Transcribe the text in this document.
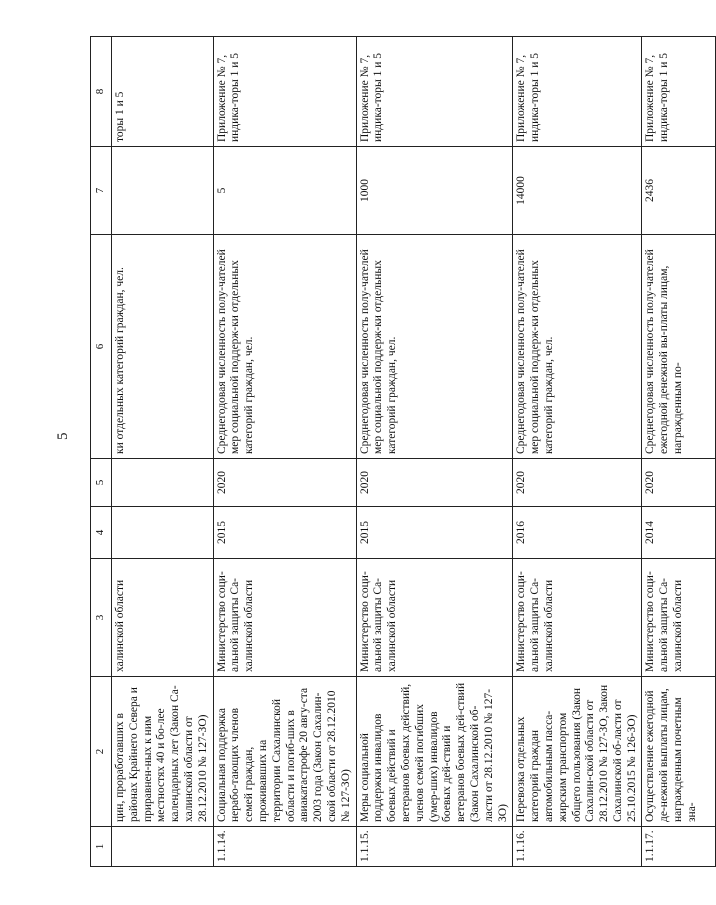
5
1	2	3	4	5	6	7	8
	цин, проработавших в районах Крайнего Севера и приравнен-ных к ним местностях 40 и бо-лее календарных лет (Закон Са-халинской области от 28.12.2010 № 127-ЗО)	халинской области			ки отдельных категорий граждан, чел.		торы 1 и 5
1.1.14.	Социальная поддержка нерабо-тающих членов семей граждан, проживавших на территории Сахалинской области и погиб-ших в авиакатастрофе 20 авгу-ста 2003 года (Закон Сахалин-ской области от 28.12.2010 № 127-ЗО)	Министерство соци-альной защиты Са-халинской области	2015	2020	Среднегодовая численность полу-чателей мер социальной поддерж-ки отдельных категорий граждан, чел.	5	Приложение № 7, индика-торы 1 и 5
1.1.15.	Меры социальной поддержки инвалидов боевых действий и ветеранов боевых действий, членов семей погибших (умер-ших) инвалидов боевых дей-ствий и ветеранов боевых дей-ствий (Закон Сахалинской об-ласти от 28.12.2010 № 127-ЗО)	Министерство соци-альной защиты Са-халинской области	2015	2020	Среднегодовая численность полу-чателей мер социальной поддерж-ки отдельных категорий граждан, чел.	1000	Приложение № 7, индика-торы 1 и 5
1.1.16.	Перевозка отдельных категорий граждан автомобильным пасса-жирским транспортом общего пользования (Закон Сахалин-ской области от 28.12.2010 № 127-ЗО, Закон Сахалинской об-ласти от 25.10.2015 № 126-ЗО)	Министерство соци-альной защиты Са-халинской области	2016	2020	Среднегодовая численность полу-чателей мер социальной поддерж-ки отдельных категорий граждан, чел.	14000	Приложение № 7, индика-торы 1 и 5
1.1.17.	Осуществление ежегодной де-нежной выплаты лицам, награжденным почетным зна-	Министерство соци-альной защиты Са-халинской области	2014	2020	Среднегодовая численность полу-чателей ежегодной денежной вы-платы лицам, награжденным по-	2436	Приложение № 7, индика-торы 1 и 5
